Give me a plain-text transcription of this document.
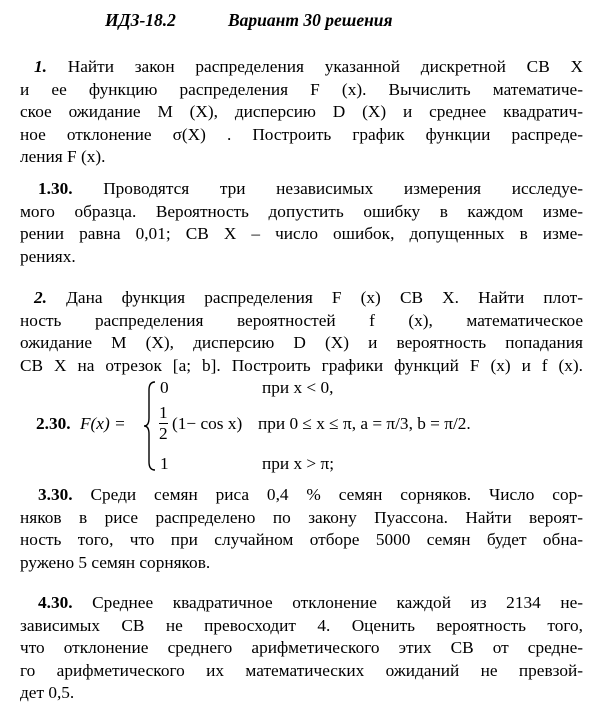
ИДЗ-18.2	Вариант 30 решения
1. Найти закон распределения указанной дискретной СВ X
и ее функцию распределения F (x). Вычислить математиче-
ское ожидание M (X), дисперсию D (X) и среднее квадратич-
ное отклонение σ(X) . Построить график функции распреде-
ления F (x).
1.30. Проводятся три независимых измерения исследуе-
мого образца. Вероятность допустить ошибку в каждом изме-
рении равна 0,01; СВ X – число ошибок, допущенных в изме-
рениях.
2. Дана функция распределения F (x) СВ X. Найти плот-
ность распределения вероятностей f (x), математическое
ожидание M (X), дисперсию D (X) и вероятность попадания
СВ X на отрезок [a; b]. Построить графики функций F (x) и f (x).
2.30. F(x) =
0	при x < 0,
$\frac{1}{2} (1- \cos x)$ при 0 ≤ x ≤ π, a = π/3, b = π/2.
1	при x > π;
3.30. Среди семян риса 0,4 % семян сорняков. Число сор-
няков в рисе распределено по закону Пуассона. Найти вероят-
ность того, что при случайном отборе 5000 семян будет обна-
ружено 5 семян сорняков.
4.30. Среднее квадратичное отклонение каждой из 2134 не-
зависимых СВ не превосходит 4. Оценить вероятность того,
что отклонение среднего арифметического этих СВ от средне-
го арифметического их математических ожиданий не превзой-
дет 0,5.
